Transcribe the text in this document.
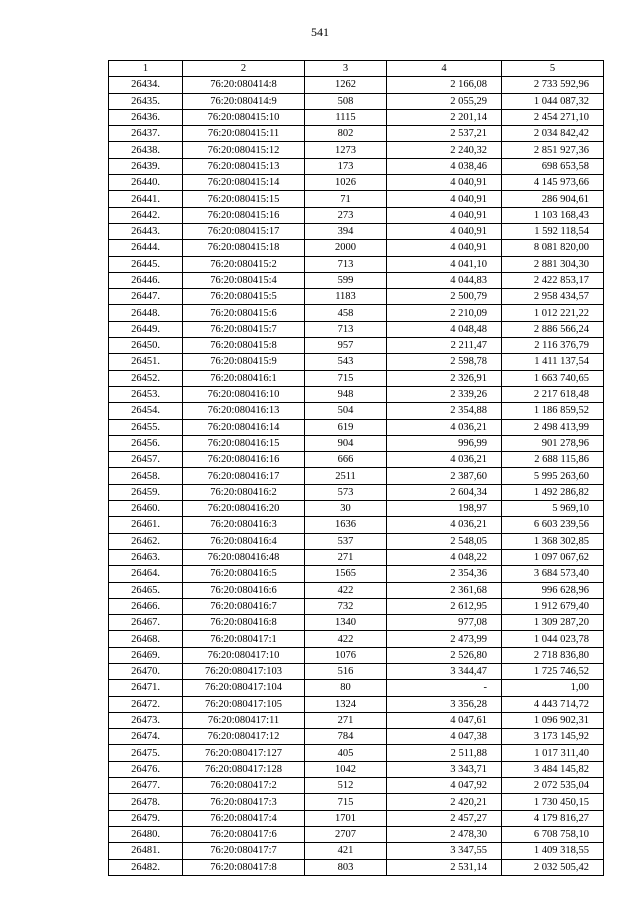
541
1	2	3	4	5
26434.	76:20:080414:8	1262	2 166,08	2 733 592,96
26435.	76:20:080414:9	508	2 055,29	1 044 087,32
26436.	76:20:080415:10	1115	2 201,14	2 454 271,10
26437.	76:20:080415:11	802	2 537,21	2 034 842,42
26438.	76:20:080415:12	1273	2 240,32	2 851 927,36
26439.	76:20:080415:13	173	4 038,46	698 653,58
26440.	76:20:080415:14	1026	4 040,91	4 145 973,66
26441.	76:20:080415:15	71	4 040,91	286 904,61
26442.	76:20:080415:16	273	4 040,91	1 103 168,43
26443.	76:20:080415:17	394	4 040,91	1 592 118,54
26444.	76:20:080415:18	2000	4 040,91	8 081 820,00
26445.	76:20:080415:2	713	4 041,10	2 881 304,30
26446.	76:20:080415:4	599	4 044,83	2 422 853,17
26447.	76:20:080415:5	1183	2 500,79	2 958 434,57
26448.	76:20:080415:6	458	2 210,09	1 012 221,22
26449.	76:20:080415:7	713	4 048,48	2 886 566,24
26450.	76:20:080415:8	957	2 211,47	2 116 376,79
26451.	76:20:080415:9	543	2 598,78	1 411 137,54
26452.	76:20:080416:1	715	2 326,91	1 663 740,65
26453.	76:20:080416:10	948	2 339,26	2 217 618,48
26454.	76:20:080416:13	504	2 354,88	1 186 859,52
26455.	76:20:080416:14	619	4 036,21	2 498 413,99
26456.	76:20:080416:15	904	996,99	901 278,96
26457.	76:20:080416:16	666	4 036,21	2 688 115,86
26458.	76:20:080416:17	2511	2 387,60	5 995 263,60
26459.	76:20:080416:2	573	2 604,34	1 492 286,82
26460.	76:20:080416:20	30	198,97	5 969,10
26461.	76:20:080416:3	1636	4 036,21	6 603 239,56
26462.	76:20:080416:4	537	2 548,05	1 368 302,85
26463.	76:20:080416:48	271	4 048,22	1 097 067,62
26464.	76:20:080416:5	1565	2 354,36	3 684 573,40
26465.	76:20:080416:6	422	2 361,68	996 628,96
26466.	76:20:080416:7	732	2 612,95	1 912 679,40
26467.	76:20:080416:8	1340	977,08	1 309 287,20
26468.	76:20:080417:1	422	2 473,99	1 044 023,78
26469.	76:20:080417:10	1076	2 526,80	2 718 836,80
26470.	76:20:080417:103	516	3 344,47	1 725 746,52
26471.	76:20:080417:104	80	-	1,00
26472.	76:20:080417:105	1324	3 356,28	4 443 714,72
26473.	76:20:080417:11	271	4 047,61	1 096 902,31
26474.	76:20:080417:12	784	4 047,38	3 173 145,92
26475.	76:20:080417:127	405	2 511,88	1 017 311,40
26476.	76:20:080417:128	1042	3 343,71	3 484 145,82
26477.	76:20:080417:2	512	4 047,92	2 072 535,04
26478.	76:20:080417:3	715	2 420,21	1 730 450,15
26479.	76:20:080417:4	1701	2 457,27	4 179 816,27
26480.	76:20:080417:6	2707	2 478,30	6 708 758,10
26481.	76:20:080417:7	421	3 347,55	1 409 318,55
26482.	76:20:080417:8	803	2 531,14	2 032 505,42
